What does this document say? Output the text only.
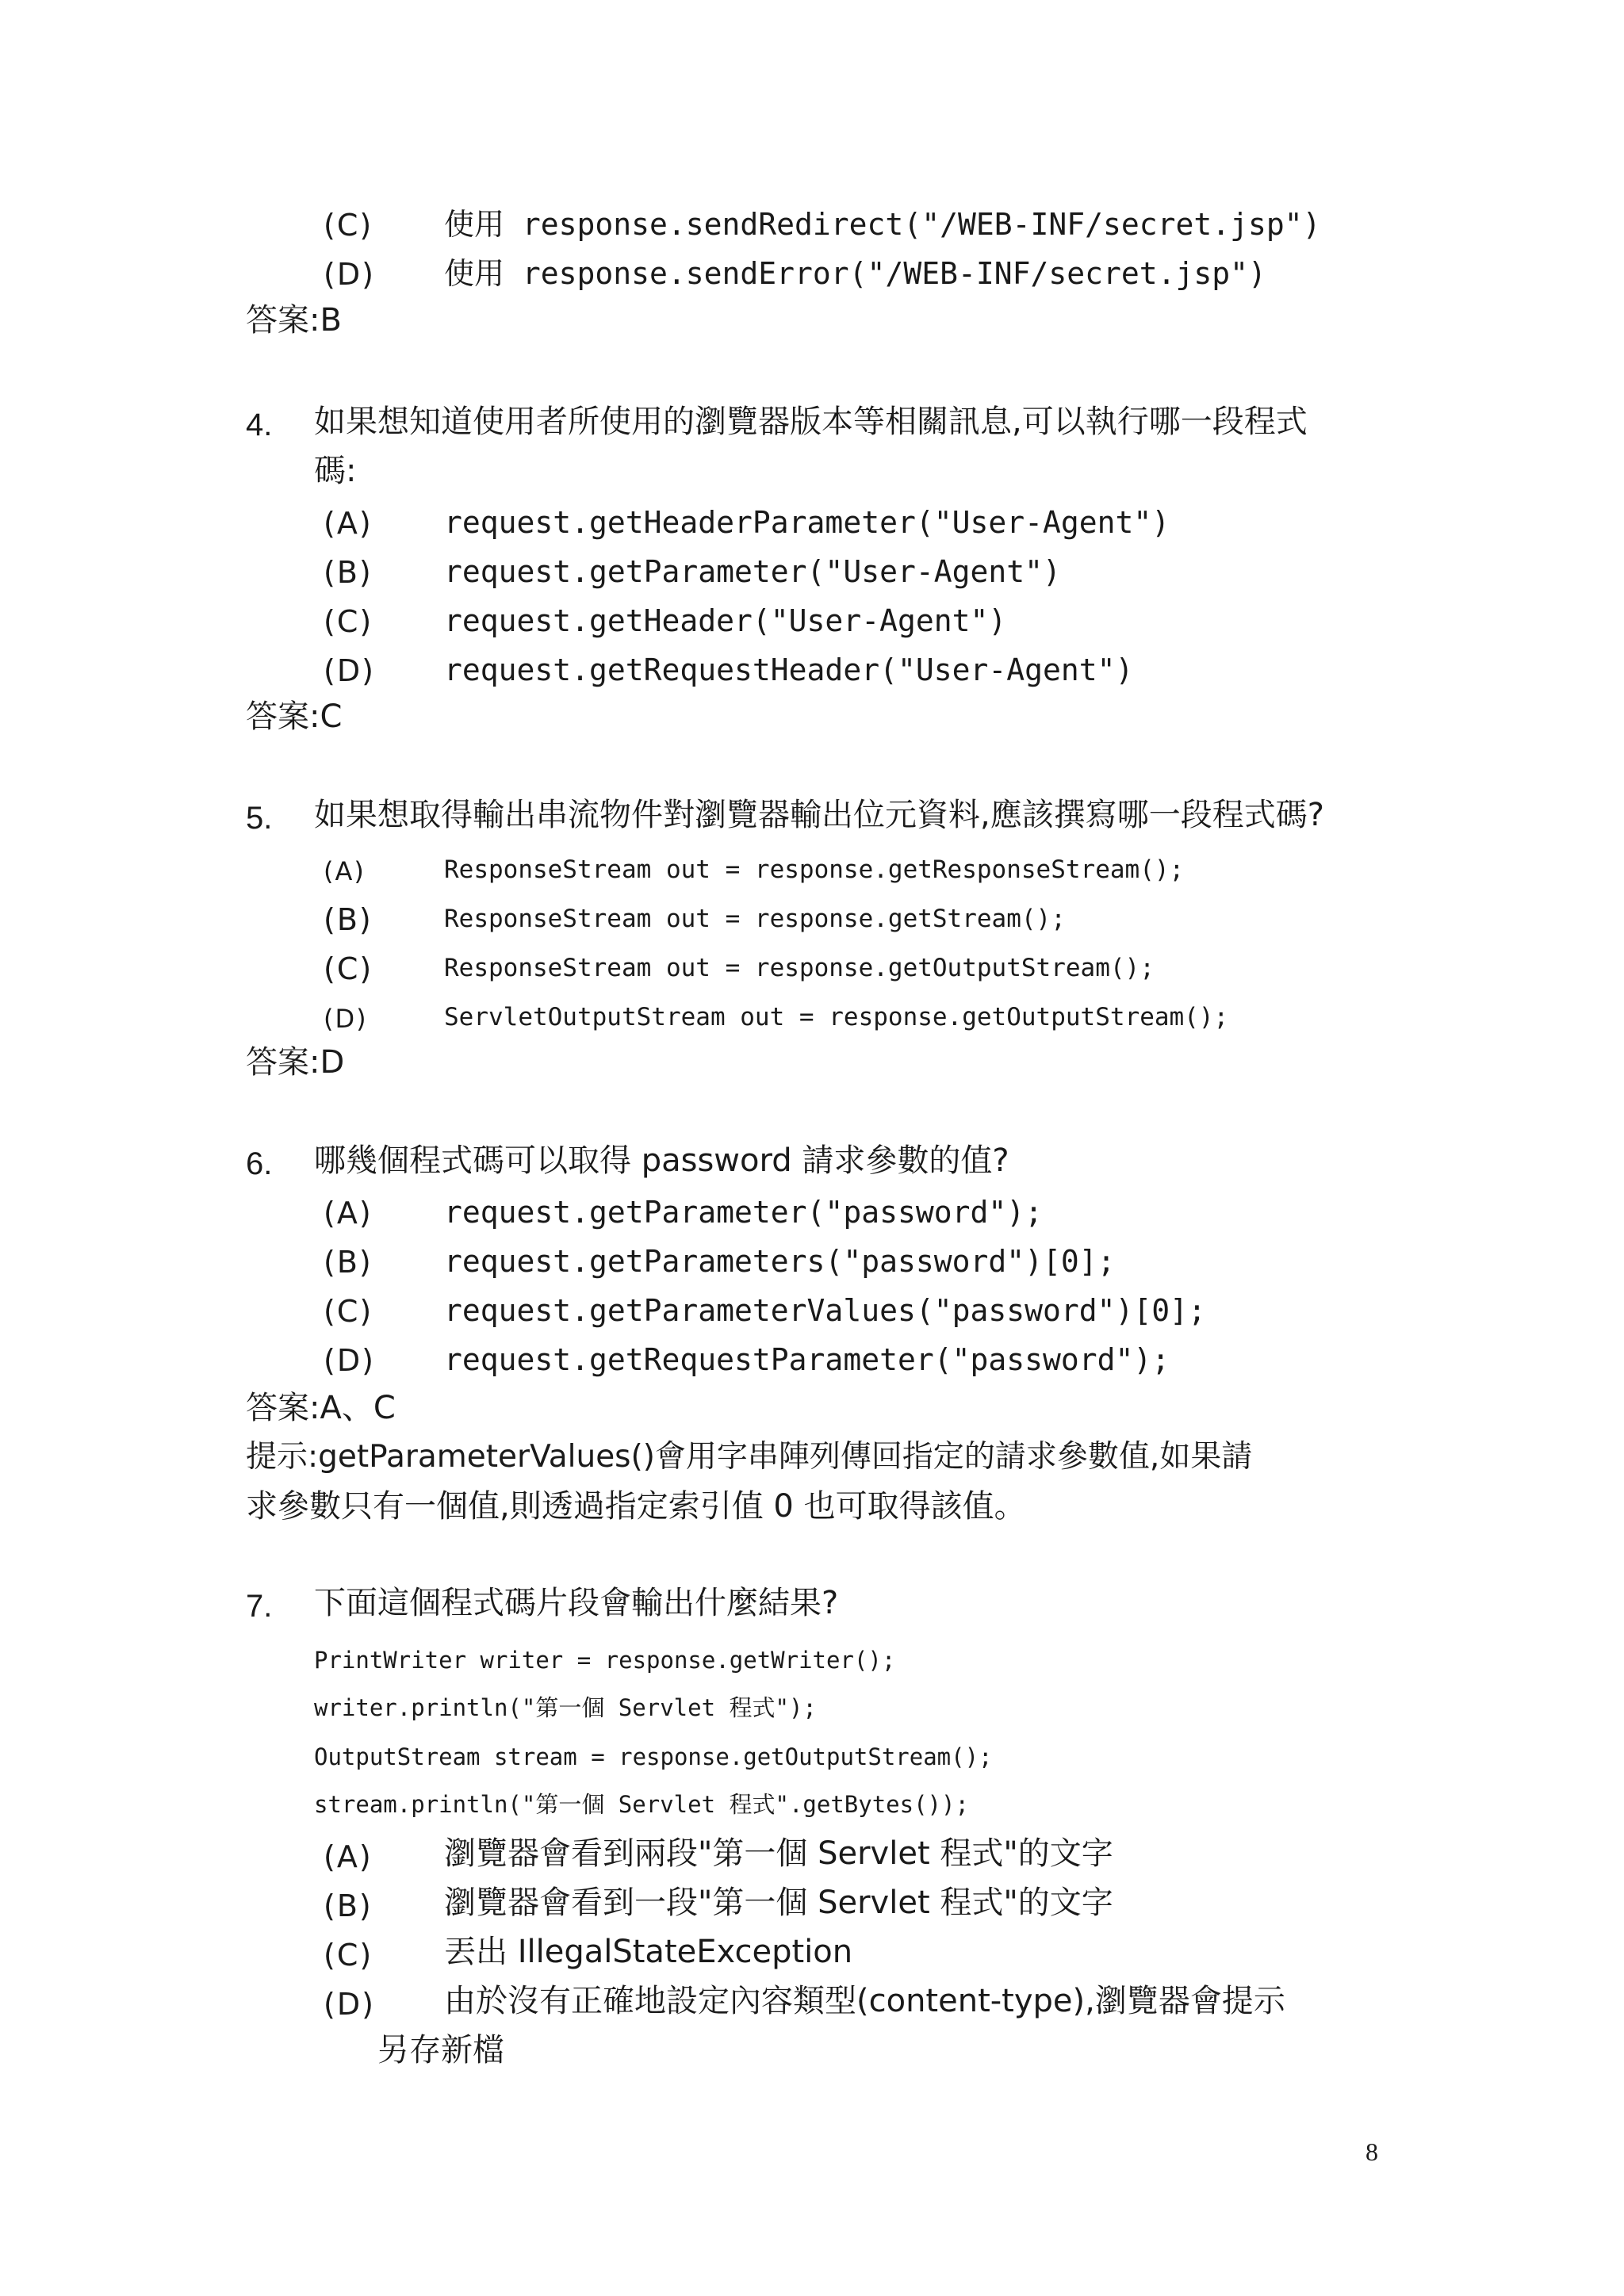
(C) 使用 response.sendRedirect("/WEB-INF/secret.jsp")
(D) 使用 response.sendError("/WEB-INF/secret.jsp")
答案:B
4. 如果想知道使用者所使用的瀏覽器版本等相關訊息,可以執行哪一段程式
碼:
(A) request.getHeaderParameter("User-Agent")
(B) request.getParameter("User-Agent")
(C) request.getHeader("User-Agent")
(D) request.getRequestHeader("User-Agent")
答案:C
5. 如果想取得輸出串流物件對瀏覽器輸出位元資料,應該撰寫哪一段程式碼?
(A)	ResponseStream out = response.getResponseStream();
(B)	ResponseStream out = response.getStream();
(C)	ResponseStream out = response.getOutputStream();
(D)	ServletOutputStream out = response.getOutputStream();
答案:D
6. 哪幾個程式碼可以取得 password 請求參數的值?
(A) request.getParameter("password");
(B) request.getParameters("password")[0];
(C) request.getParameterValues("password")[0];
(D) request.getRequestParameter("password");
答案:A、C
提示:getParameterValues()會用字串陣列傳回指定的請求參數值,如果請
求參數只有一個值,則透過指定索引值 0 也可取得該值。
7. 下面這個程式碼片段會輸出什麼結果?
PrintWriter writer = response.getWriter();
writer.println("第一個 Servlet 程式");
OutputStream stream = response.getOutputStream();
stream.println("第一個 Servlet 程式".getBytes());
(A) 瀏覽器會看到兩段"第一個 Servlet 程式"的文字
(B) 瀏覽器會看到一段"第一個 Servlet 程式"的文字
(C) 丟出 IllegalStateException
(D) 由於沒有正確地設定內容類型(content-type),瀏覽器會提示
另存新檔
8
